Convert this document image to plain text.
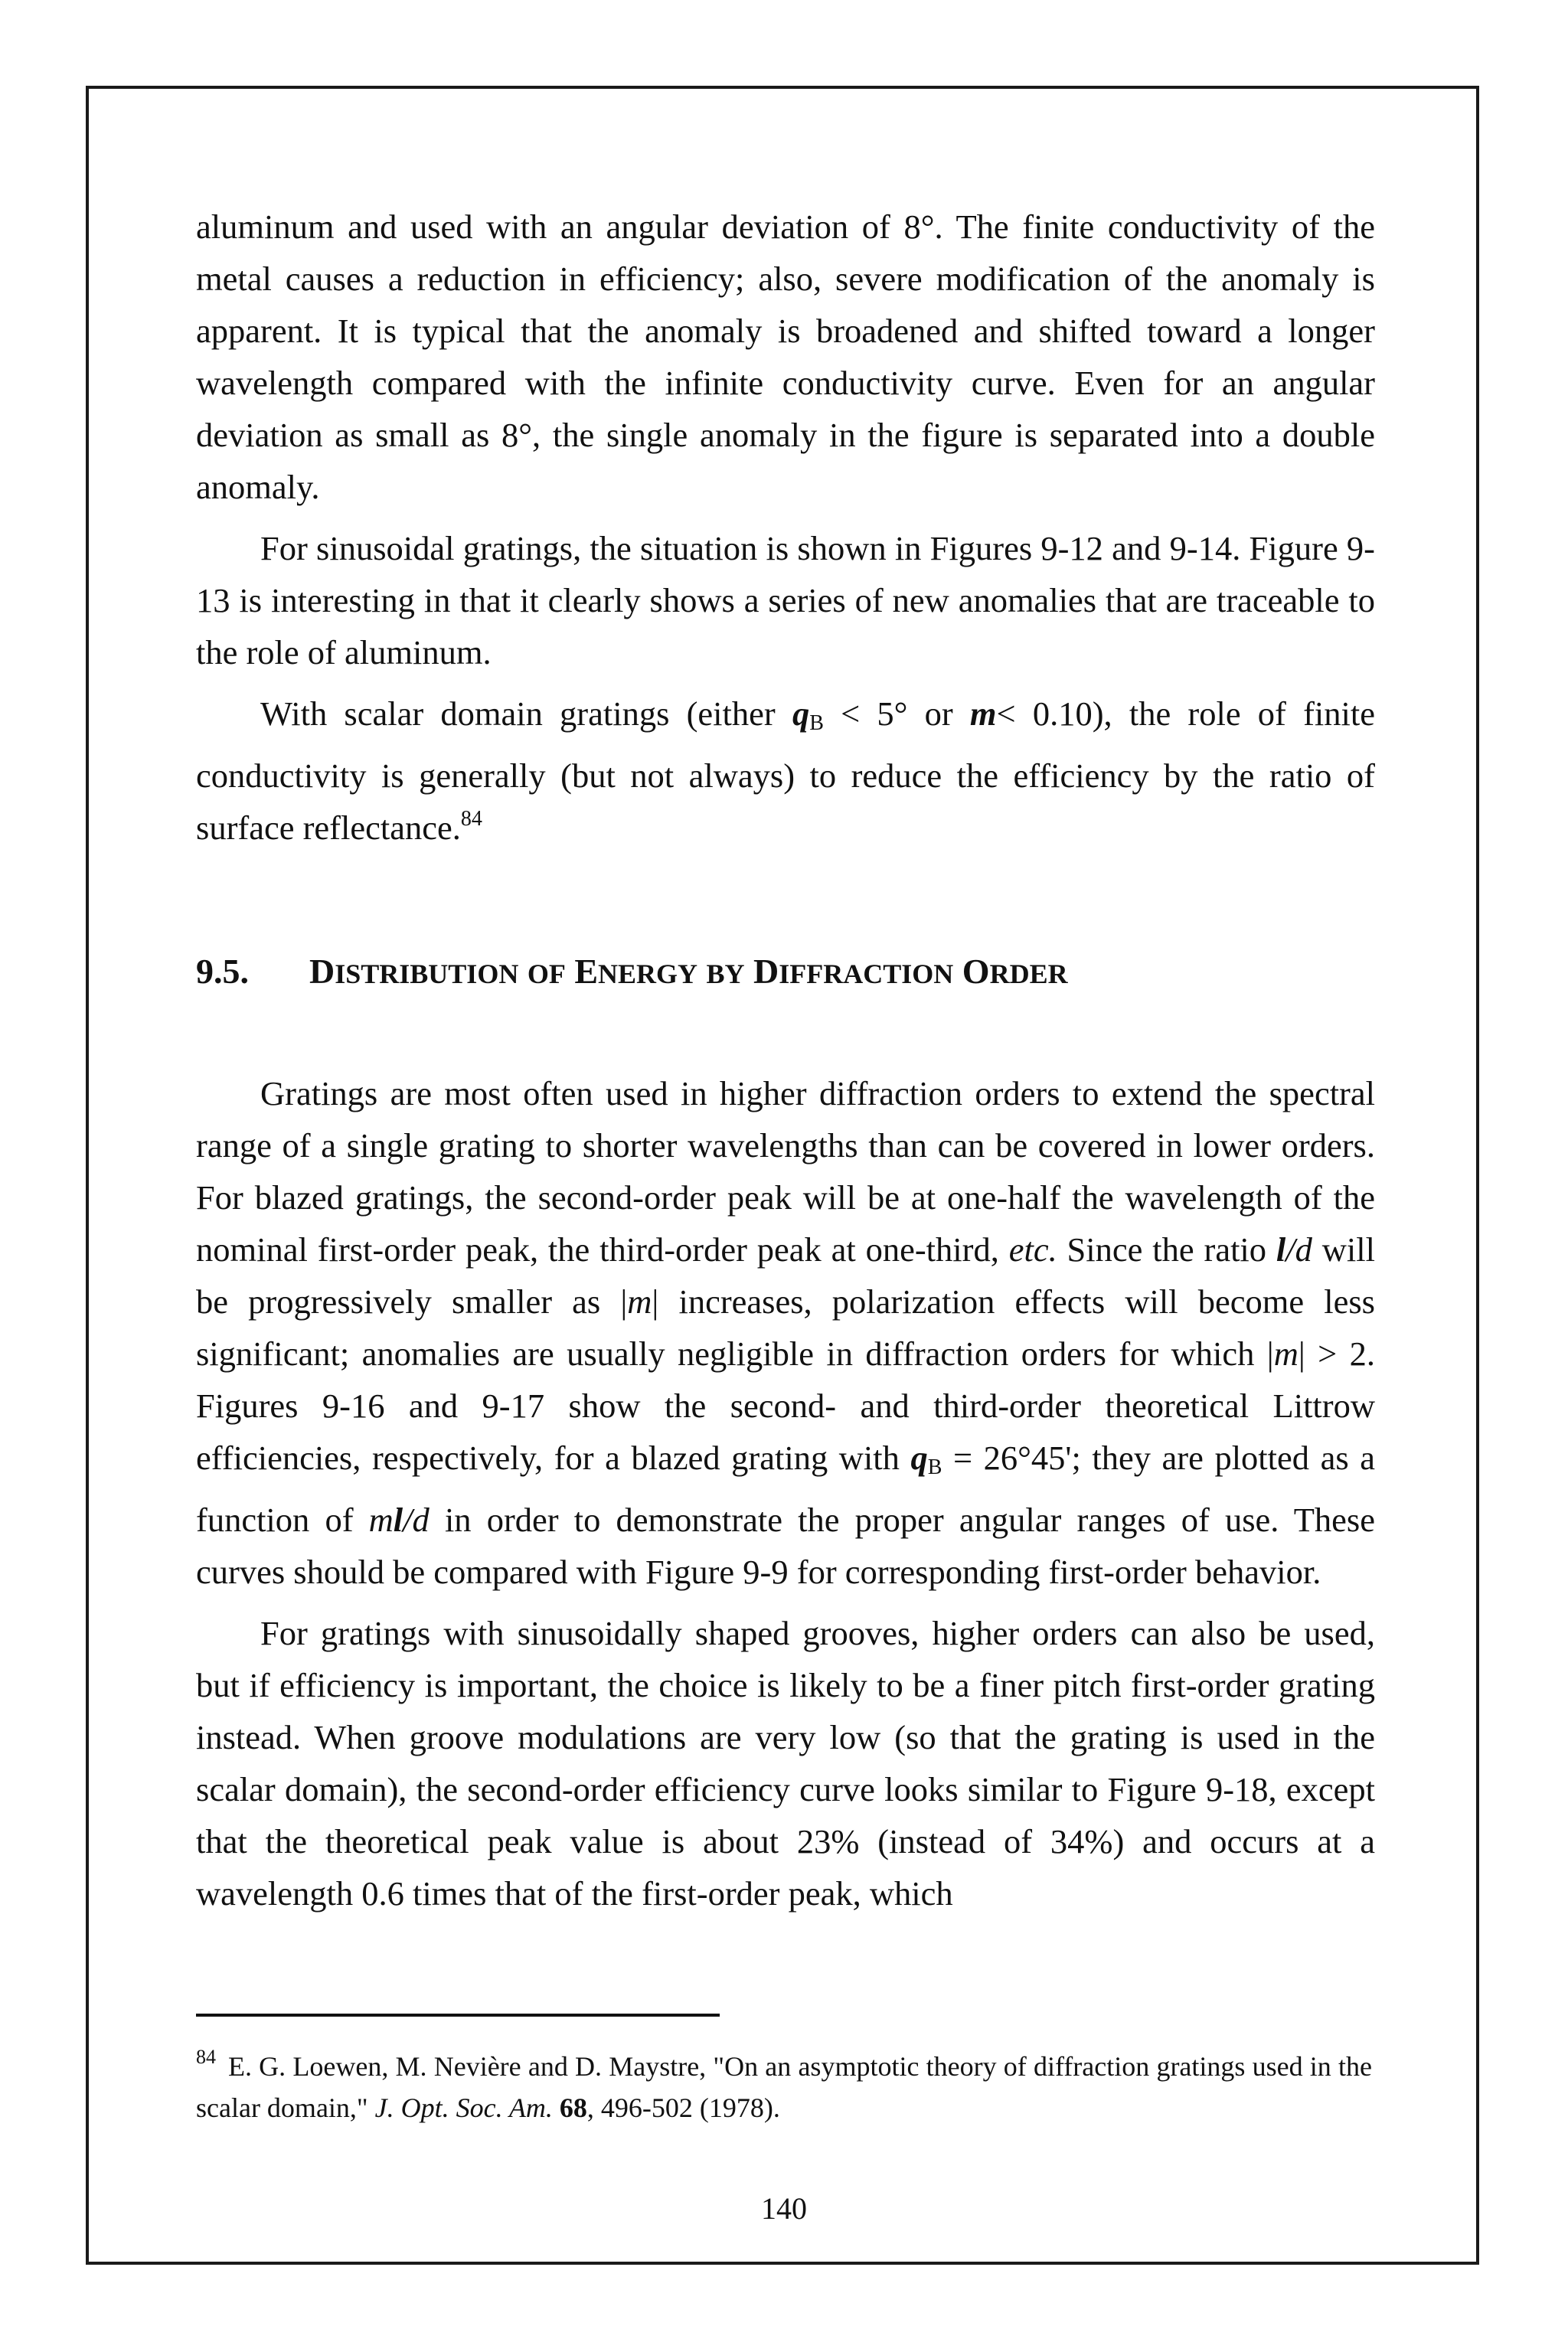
aluminum and used with an angular deviation of 8°. The finite conductivity of the metal causes a reduction in efficiency; also, severe modification of the anomaly is apparent. It is typical that the anomaly is broadened and shifted toward a longer wavelength compared with the infinite conductivity curve. Even for an angular deviation as small as 8°, the single anomaly in the figure is separated into a double anomaly.

For sinusoidal gratings, the situation is shown in Figures 9-12 and 9-14. Figure 9-13 is interesting in that it clearly shows a series of new anomalies that are traceable to the role of aluminum.

With scalar domain gratings (either $q_B < 5^\circ$ or m< 0.10), the role of finite conductivity is generally (but not always) to reduce the efficiency by the ratio of surface reflectance.$^{84}$

9.5.	DISTRIBUTION OF ENERGY BY DIFFRACTION ORDER

Gratings are most often used in higher diffraction orders to extend the spectral range of a single grating to shorter wavelengths than can be covered in lower orders. For blazed gratings, the second-order peak will be at one-half the wavelength of the nominal first-order peak, the third-order peak at one-third, etc. Since the ratio l/d will be progressively smaller as |m| increases, polarization effects will become less significant; anomalies are usually negligible in diffraction orders for which |m| > 2. Figures 9-16 and 9-17 show the second- and third-order theoretical Littrow efficiencies, respectively, for a blazed grating with $q_B = 26^\circ 45'$; they are plotted as a function of ml/d in order to demonstrate the proper angular ranges of use. These curves should be compared with Figure 9-9 for corresponding first-order behavior.

For gratings with sinusoidally shaped grooves, higher orders can also be used, but if efficiency is important, the choice is likely to be a finer pitch first-order grating instead. When groove modulations are very low (so that the grating is used in the scalar domain), the second-order efficiency curve looks similar to Figure 9-18, except that the theoretical peak value is about 23% (instead of 34%) and occurs at a wavelength 0.6 times that of the first-order peak, which

$^{84}$ E. G. Loewen, M. Nevière and D. Maystre, "On an asymptotic theory of diffraction gratings used in the scalar domain," J. Opt. Soc. Am. 68, 496-502 (1978).

140
